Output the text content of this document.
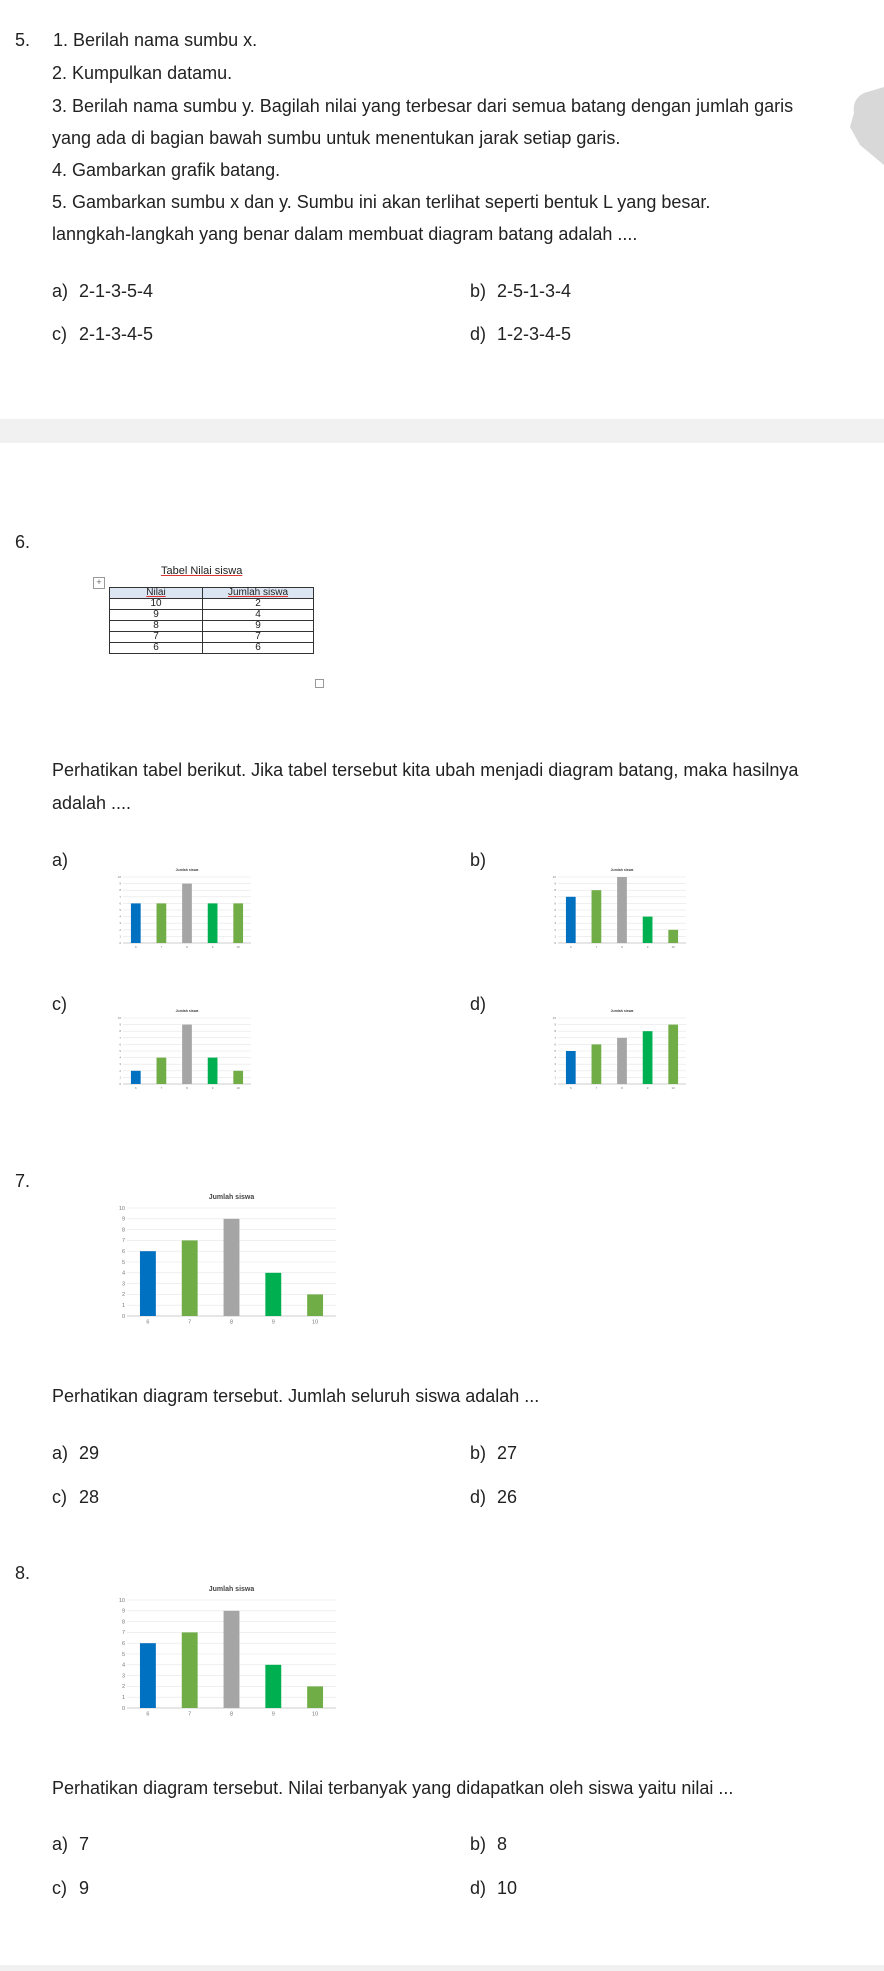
5. 1. Berilah nama sumbu x.
2. Kumpulkan datamu.
3. Berilah nama sumbu y. Bagilah nilai yang terbesar dari semua batang dengan jumlah garis
yang ada di bagian bawah sumbu untuk menentukan jarak setiap garis.
4. Gambarkan grafik batang.
5. Gambarkan sumbu x dan y. Sumbu ini akan terlihat seperti bentuk L yang besar.
lanngkah-langkah yang benar dalam membuat diagram batang adalah ....
a) 2-1-3-5-4	b) 2-5-1-3-4
c) 2-1-3-4-5	d) 1-2-3-4-5
6.
Tabel Nilai siswa
+
Nilai	Jumlah siswa
10	2
9	4
8	9
7	7
6	6
Perhatikan tabel berikut. Jika tabel tersebut kita ubah menjadi diagram batang, maka hasilnya
adalah ....
a)	Jumlah siswa
0
1
2
3
4
5
6
7
8
9
10
6	7	8	9	10
b)	Jumlah siswa
0
1
2
3
4
5
6
7
8
9
10
6	7	8	9	10
c)	Jumlah siswa
0
1
2
3
4
5
6
7
8
9
10
6	7	8	9	10
d)	Jumlah siswa
0
1
2
3
4
5
6
7
8
9
10
6	7	8	9	10
7.
Jumlah siswa
0
1
2
3
4
5
6
7
8
9
10
6	7	8	9	10
Perhatikan diagram tersebut. Jumlah seluruh siswa adalah ...
a) 29	b) 27
c) 28	d) 26
8.
Jumlah siswa
0
1
2
3
4
5
6
7
8
9
10
6	7	8	9	10
Perhatikan diagram tersebut. Nilai terbanyak yang didapatkan oleh siswa yaitu nilai ...
a) 7	b) 8
c) 9	d) 10
